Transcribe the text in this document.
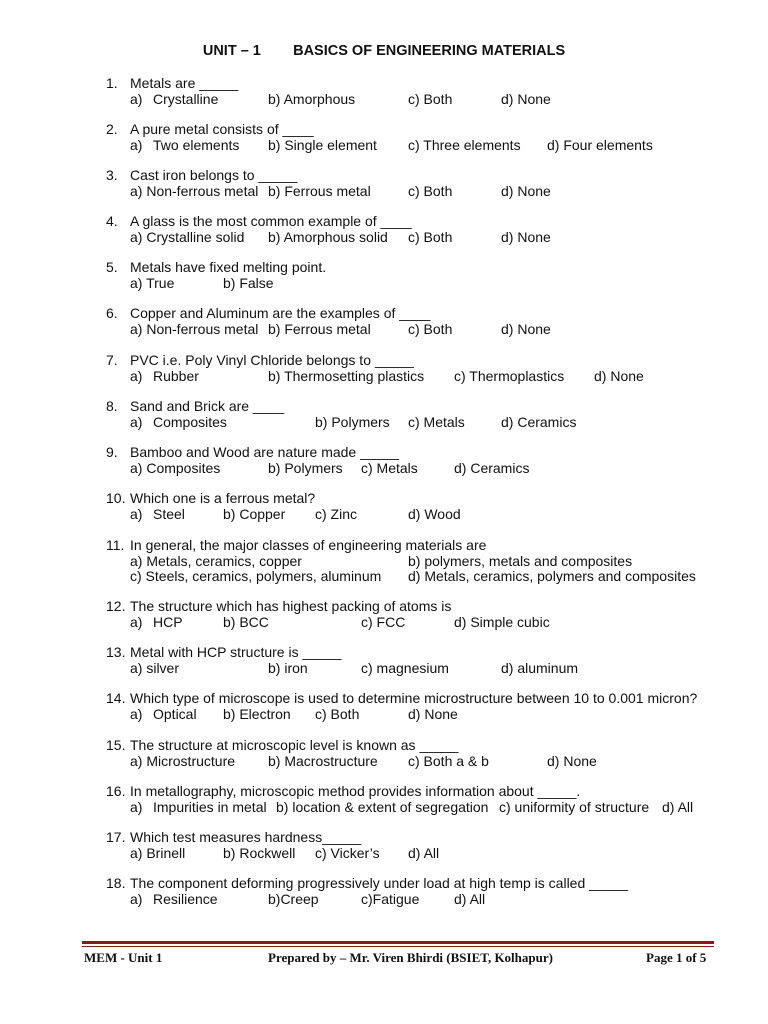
UNIT – 1        BASICS OF ENGINEERING MATERIALS
1. Metals are _____
a) Crystalline	b) Amorphous	c) Both	d) None
2. A pure metal consists of ____
a) Two elements b) Single element c) Three elements d) Four elements
3. Cast iron belongs to _____
a) Non-ferrous metal b) Ferrous metal	c) Both	d) None
4. A glass is the most common example of ____
a) Crystalline solid b) Amorphous solid c) Both	d) None
5. Metals have fixed melting point.
a) True	b) False
6. Copper and Aluminum are the examples of ____
a) Non-ferrous metal b) Ferrous metal	c) Both	d) None
7. PVC i.e. Poly Vinyl Chloride belongs to _____
a) Rubber	b) Thermosetting plastics c) Thermoplastics d) None
8. Sand and Brick are ____
a) Composites	b) Polymers c) Metals	d) Ceramics
9. Bamboo and Wood are nature made _____
a) Composites	b) Polymers c) Metals	d) Ceramics
10. Which one is a ferrous metal?
a) Steel	b) Copper c) Zinc	d) Wood
11. In general, the major classes of engineering materials are
a) Metals, ceramics, copper	b) polymers, metals and composites
c) Steels, ceramics, polymers, aluminum d) Metals, ceramics, polymers and composites
12. The structure which has highest packing of atoms is
a) HCP	b) BCC	c) FCC	d) Simple cubic
13. Metal with HCP structure is _____
a) silver	b) iron	c) magnesium	d) aluminum
14. Which type of microscope is used to determine microstructure between 10 to 0.001 micron?
a) Optical b) Electron c) Both	d) None
15. The structure at microscopic level is known as _____
a) Microstructure b) Macrostructure c) Both a & b	d) None
16. In metallography, microscopic method provides information about _____.
a) Impurities in metal b) location & extent of segregation c) uniformity of structure d) All
17. Which test measures hardness_____
a) Brinell	b) Rockwell c) Vicker’s d) All
18. The component deforming progressively under load at high temp is called _____
a) Resilience	b)Creep	c)Fatigue d) All
MEM - Unit 1	Prepared by – Mr. Viren Bhirdi (BSIET, Kolhapur)	Page 1 of 5
